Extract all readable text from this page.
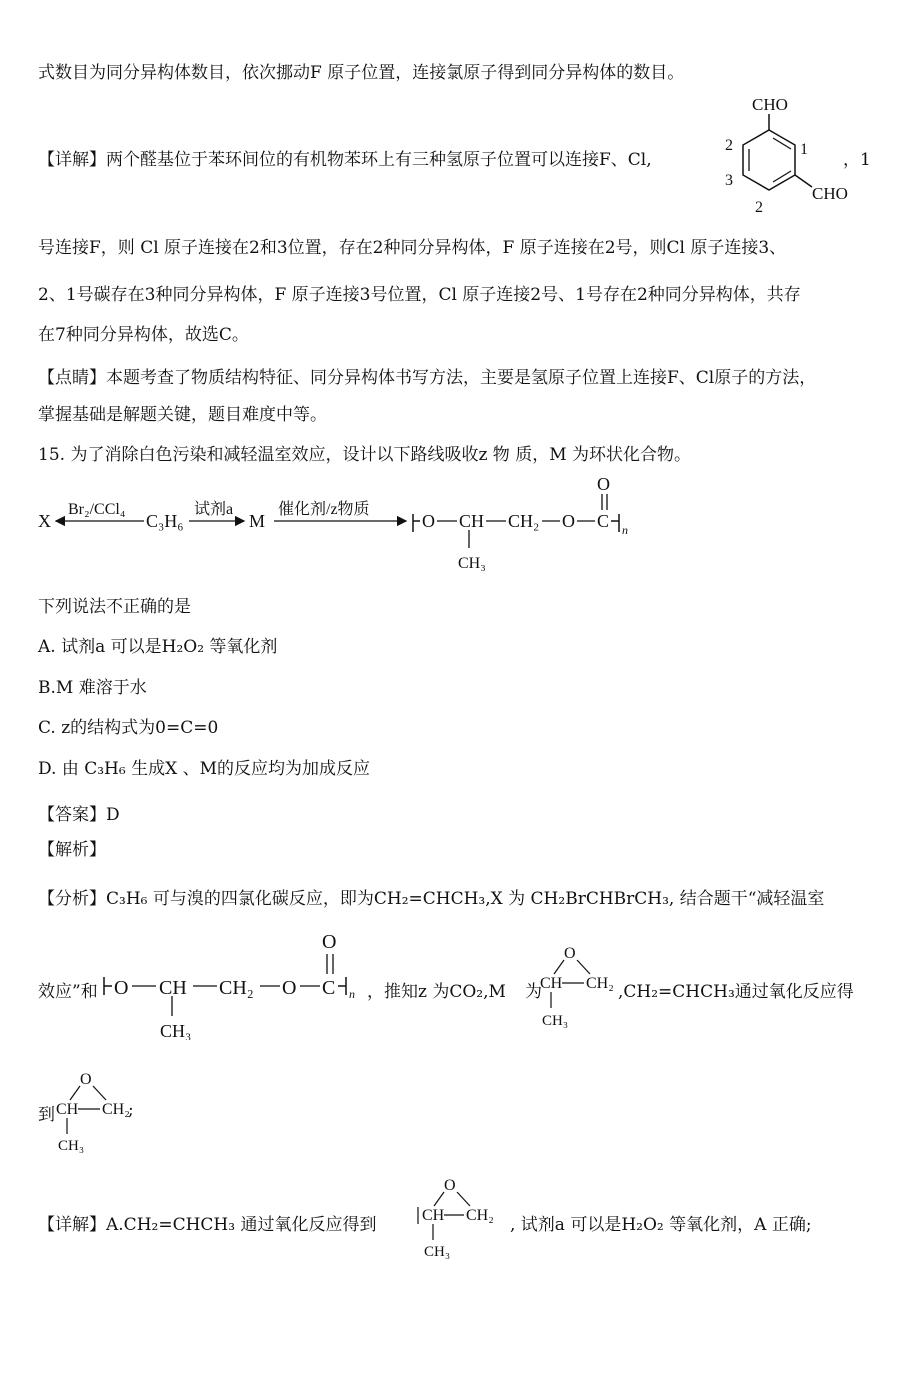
式数目为同分异构体数目，依次挪动F 原子位置，连接氯原子得到同分异构体的数目。
【详解】两个醛基位于苯环间位的有机物苯环上有三种氢原子位置可以连接F、Cl,
CHO
CHO
1
2
3
2
，1
号连接F，则 Cl 原子连接在2和3位置，存在2种同分异构体，F 原子连接在2号，则Cl 原子连接3、
2、1号碳存在3种同分异构体，F 原子连接3号位置，Cl 原子连接2号、1号存在2种同分异构体，共存
在7种同分异构体，故选C。
【点睛】本题考查了物质结构特征、同分异构体书写方法，主要是氢原子位置上连接F、Cl原子的方法，
掌握基础是解题关键，题目难度中等。
15. 为了消除白色污染和减轻温室效应，设计以下路线吸收z 物 质，M 为环状化合物。
X
Br₂/CCl₄
C₃H₆
试剂a
M
催化剂/z物质
O CH
CH₃
CH₂ O C
O
n
下列说法不正确的是
A. 试剂a 可以是H₂O₂ 等氧化剂
B.M 难溶于水
C. z的结构式为0=C=0
D. 由 C₃H₆ 生成X 、M的反应均为加成反应
【答案】D
【解析】
【分析】C₃H₆ 可与溴的四氯化碳反应，即为CH₂=CHCH₃,X 为 CH₂BrCHBrCH₃, 结合题干“减轻温室
效应”和 O CH
CH₃
CH₂ O C
O
n ，推知z 为CO₂,M 为
O
CH CH₂
CH₃
,CH₂=CHCH₃通过氧化反应得
到
O
CH CH₂
CH₃
;
【详解】A.CH₂=CHCH₃ 通过氧化反应得到
O
CH CH₂
CH₃
, 试剂a 可以是H₂O₂ 等氧化剂，A 正确;
